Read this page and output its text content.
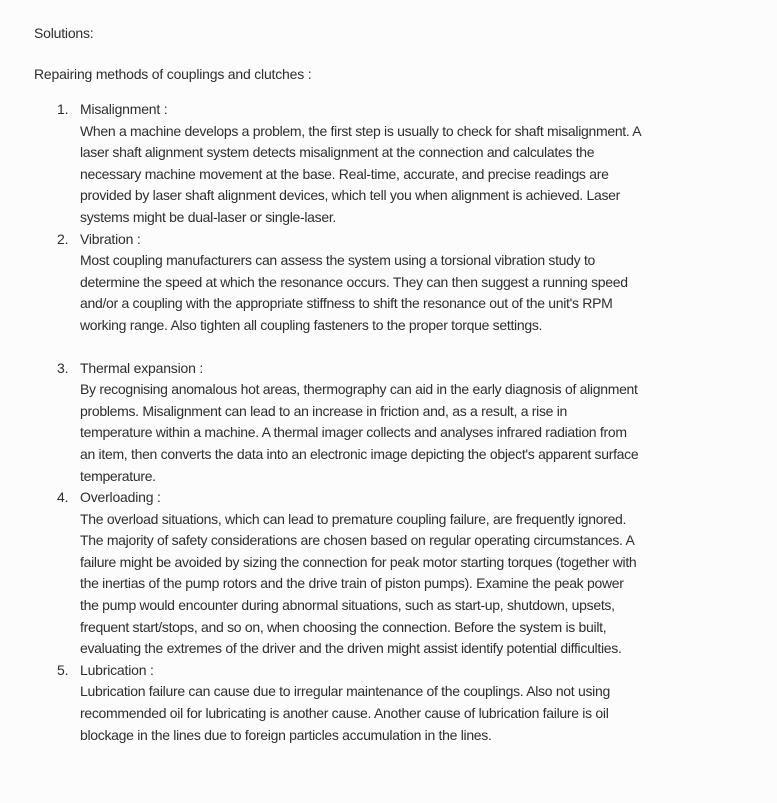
Solutions:
Repairing methods of couplings and clutches :
1. Misalignment :

When a machine develops a problem, the first step is usually to check for shaft misalignment. A laser shaft alignment system detects misalignment at the connection and calculates the necessary machine movement at the base. Real-time, accurate, and precise readings are provided by laser shaft alignment devices, which tell you when alignment is achieved. Laser systems might be dual-laser or single-laser.

2. Vibration :

Most coupling manufacturers can assess the system using a torsional vibration study to determine the speed at which the resonance occurs. They can then suggest a running speed and/or a coupling with the appropriate stiffness to shift the resonance out of the unit's RPM working range. Also tighten all coupling fasteners to the proper torque settings.

3. Thermal expansion :

By recognising anomalous hot areas, thermography can aid in the early diagnosis of alignment problems. Misalignment can lead to an increase in friction and, as a result, a rise in temperature within a machine. A thermal imager collects and analyses infrared radiation from an item, then converts the data into an electronic image depicting the object's apparent surface temperature.

4. Overloading :

The overload situations, which can lead to premature coupling failure, are frequently ignored. The majority of safety considerations are chosen based on regular operating circumstances. A failure might be avoided by sizing the connection for peak motor starting torques (together with the inertias of the pump rotors and the drive train of piston pumps). Examine the peak power the pump would encounter during abnormal situations, such as start-up, shutdown, upsets, frequent start/stops, and so on, when choosing the connection. Before the system is built, evaluating the extremes of the driver and the driven might assist identify potential difficulties.

5. Lubrication :

Lubrication failure can cause due to irregular maintenance of the couplings. Also not using recommended oil for lubricating is another cause. Another cause of lubrication failure is oil blockage in the lines due to foreign particles accumulation in the lines.
